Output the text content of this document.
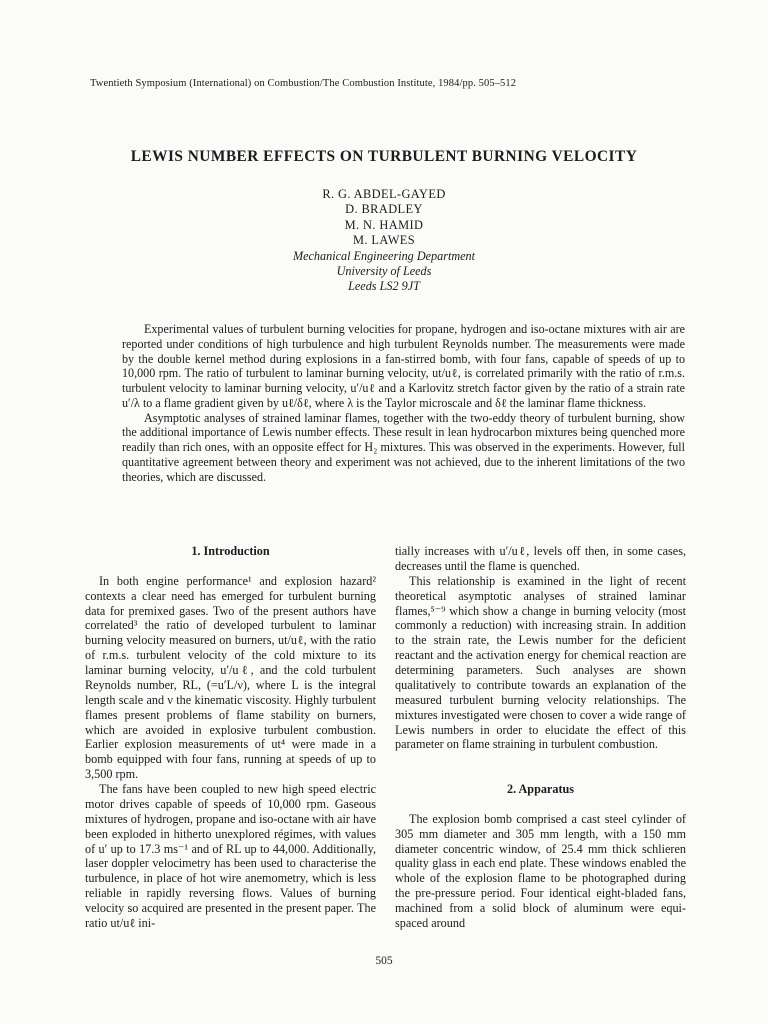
Twentieth Symposium (International) on Combustion/The Combustion Institute, 1984/pp. 505–512
LEWIS NUMBER EFFECTS ON TURBULENT BURNING VELOCITY
R. G. ABDEL-GAYED
D. BRADLEY
M. N. HAMID
M. LAWES
Mechanical Engineering Department
University of Leeds
Leeds LS2 9JT

Experimental values of turbulent burning velocities for propane, hydrogen and iso-octane mixtures with air are reported under conditions of high turbulence and high turbulent Reynolds number. The measurements were made by the double kernel method during explosions in a fan-stirred bomb, with four fans, capable of speeds of up to 10,000 rpm. The ratio of turbulent to laminar burning velocity, ut/uℓ, is correlated primarily with the ratio of r.m.s. turbulent velocity to laminar burning velocity, u′/uℓ and a Karlovitz stretch factor given by the ratio of a strain rate u′/λ to a flame gradient given by uℓ/δℓ, where λ is the Taylor microscale and δℓ the laminar flame thickness.

Asymptotic analyses of strained laminar flames, together with the two-eddy theory of turbulent burning, show the additional importance of Lewis number effects. These result in lean hydrocarbon mixtures being quenched more readily than rich ones, with an opposite effect for H₂ mixtures. This was observed in the experiments. However, full quantitative agreement between theory and experiment was not achieved, due to the inherent limitations of the two theories, which are discussed.

1. Introduction

In both engine performance¹ and explosion hazard² contexts a clear need has emerged for turbulent burning data for premixed gases. Two of the present authors have correlated³ the ratio of developed turbulent to laminar burning velocity measured on burners, ut/uℓ, with the ratio of r.m.s. turbulent velocity of the cold mixture to its laminar burning velocity, u′/uℓ, and the cold turbulent Reynolds number, RL, (=u′L/ν), where L is the integral length scale and ν the kinematic viscosity. Highly turbulent flames present problems of flame stability on burners, which are avoided in explosive turbulent combustion. Earlier explosion measurements of ut⁴ were made in a bomb equipped with four fans, running at speeds of up to 3,500 rpm.

The fans have been coupled to new high speed electric motor drives capable of speeds of 10,000 rpm. Gaseous mixtures of hydrogen, propane and iso-octane with air have been exploded in hitherto unexplored régimes, with values of u′ up to 17.3 ms⁻¹ and of RL up to 44,000. Additionally, laser doppler velocimetry has been used to characterise the turbulence, in place of hot wire anemometry, which is less reliable in rapidly reversing flows. Values of burning velocity so acquired are presented in the present paper. The ratio ut/uℓ ini-

tially increases with u′/uℓ, levels off then, in some cases, decreases until the flame is quenched.

This relationship is examined in the light of recent theoretical asymptotic analyses of strained laminar flames,⁵⁻⁹ which show a change in burning velocity (most commonly a reduction) with increasing strain. In addition to the strain rate, the Lewis number for the deficient reactant and the activation energy for chemical reaction are determining parameters. Such analyses are shown qualitatively to contribute towards an explanation of the measured turbulent burning velocity relationships. The mixtures investigated were chosen to cover a wide range of Lewis numbers in order to elucidate the effect of this parameter on flame straining in turbulent combustion.

2. Apparatus

The explosion bomb comprised a cast steel cylinder of 305 mm diameter and 305 mm length, with a 150 mm diameter concentric window, of 25.4 mm thick schlieren quality glass in each end plate. These windows enabled the whole of the explosion flame to be photographed during the pre-pressure period. Four identical eight-bladed fans, machined from a solid block of aluminum were equi-spaced around

505
